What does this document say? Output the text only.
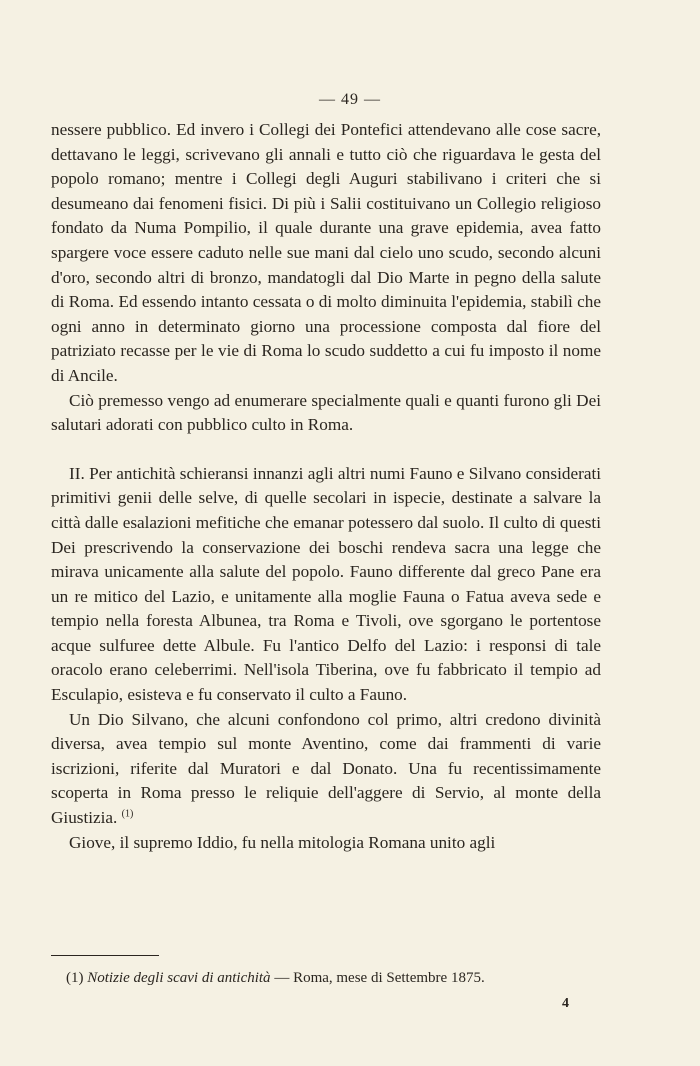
— 49 —

nessere pubblico. Ed invero i Collegi dei Pontefici attendevano alle cose sacre, dettavano le leggi, scrivevano gli annali e tutto ciò che riguardava le gesta del popolo romano; mentre i Collegi degli Auguri stabilivano i criteri che si desumeano dai fenomeni fisici. Di più i Salii costituivano un Collegio religioso fondato da Numa Pompilio, il quale durante una grave epidemia, avea fatto spargere voce essere caduto nelle sue mani dal cielo uno scudo, secondo alcuni d'oro, secondo altri di bronzo, mandatogli dal Dio Marte in pegno della salute di Roma. Ed essendo intanto cessata o di molto diminuita l'epidemia, stabilì che ogni anno in determinato giorno una processione composta dal fiore del patriziato recasse per le vie di Roma lo scudo suddetto a cui fu imposto il nome di Ancile.

Ciò premesso vengo ad enumerare specialmente quali e quanti furono gli Dei salutari adorati con pubblico culto in Roma.

II. Per antichità schieransi innanzi agli altri numi Fauno e Silvano considerati primitivi genii delle selve, di quelle secolari in ispecie, destinate a salvare la città dalle esalazioni mefitiche che emanar potessero dal suolo. Il culto di questi Dei prescrivendo la conservazione dei boschi rendeva sacra una legge che mirava unicamente alla salute del popolo. Fauno differente dal greco Pane era un re mitico del Lazio, e unitamente alla moglie Fauna o Fatua aveva sede e tempio nella foresta Albunea, tra Roma e Tivoli, ove sgorgano le portentose acque sulfuree dette Albule. Fu l'antico Delfo del Lazio: i responsi di tale oracolo erano celeberrimi. Nell'isola Tiberina, ove fu fabbricato il tempio ad Esculapio, esisteva e fu conservato il culto a Fauno.

Un Dio Silvano, che alcuni confondono col primo, altri credono divinità diversa, avea tempio sul monte Aventino, come dai frammenti di varie iscrizioni, riferite dal Muratori e dal Donato. Una fu recentissimamente scoperta in Roma presso le reliquie dell'aggere di Servio, al monte della Giustizia. $^{(1)}$

Giove, il supremo Iddio, fu nella mitologia Romana unito agli

(1) Notizie degli scavi di antichità — Roma, mese di Settembre 1875.
4
